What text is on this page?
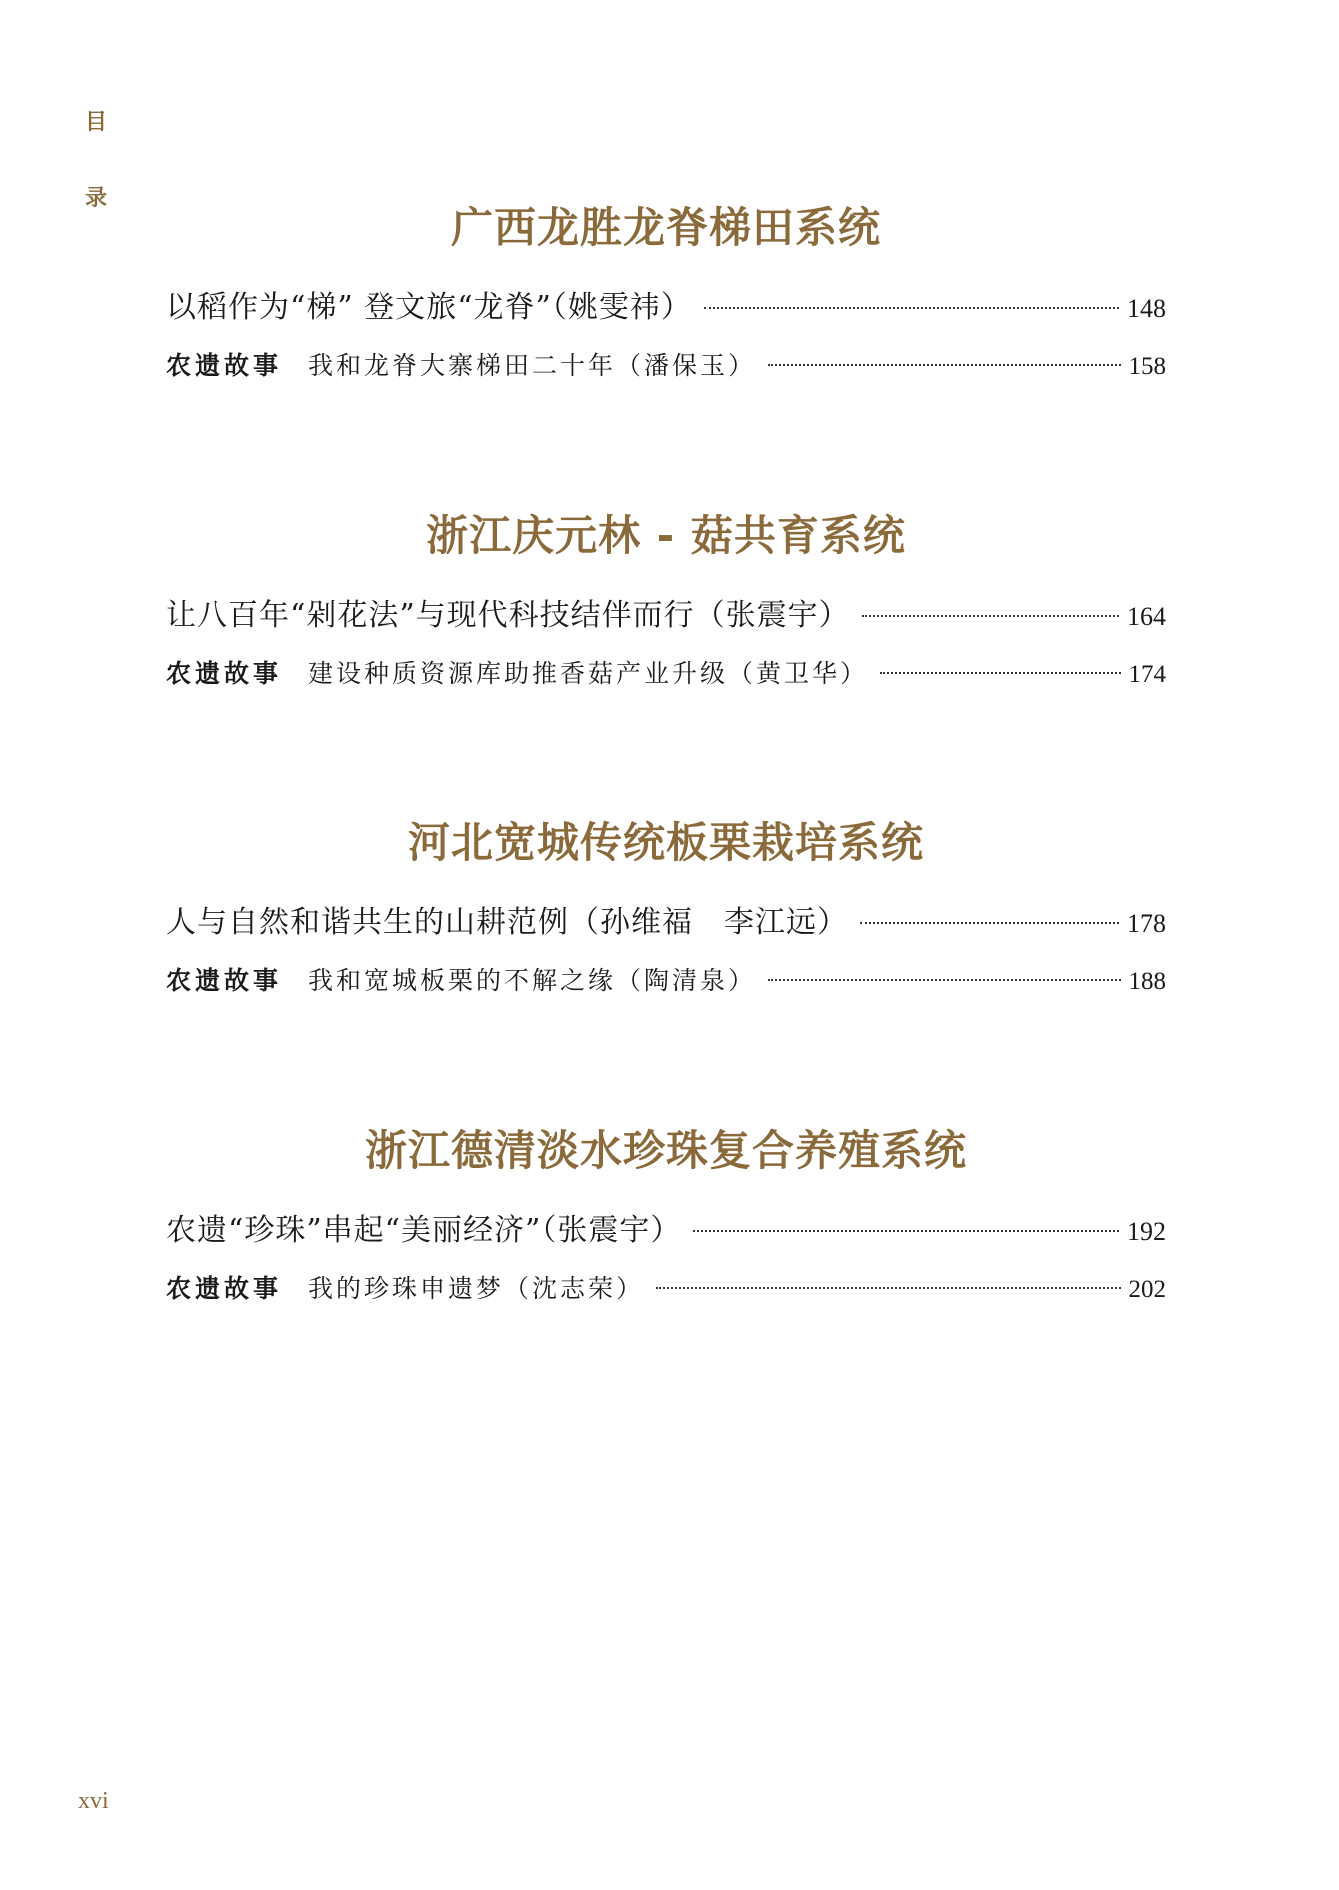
目
录
广西龙胜龙脊梯田系统
以稻作为“梯” 登文旅“龙脊”（姚雯祎）	148
农遗故事 我和龙脊大寨梯田二十年（潘保玉）	158
浙江庆元林 - 菇共育系统
让八百年“剁花法”与现代科技结伴而行（张震宇）	164
农遗故事 建设种质资源库助推香菇产业升级（黄卫华）	174
河北宽城传统板栗栽培系统
人与自然和谐共生的山耕范例（孙维福　李江远）	178
农遗故事 我和宽城板栗的不解之缘（陶清泉）	188
浙江德清淡水珍珠复合养殖系统
农遗“珍珠”串起“美丽经济”（张震宇）	192
农遗故事 我的珍珠申遗梦（沈志荣）	202
xvi
